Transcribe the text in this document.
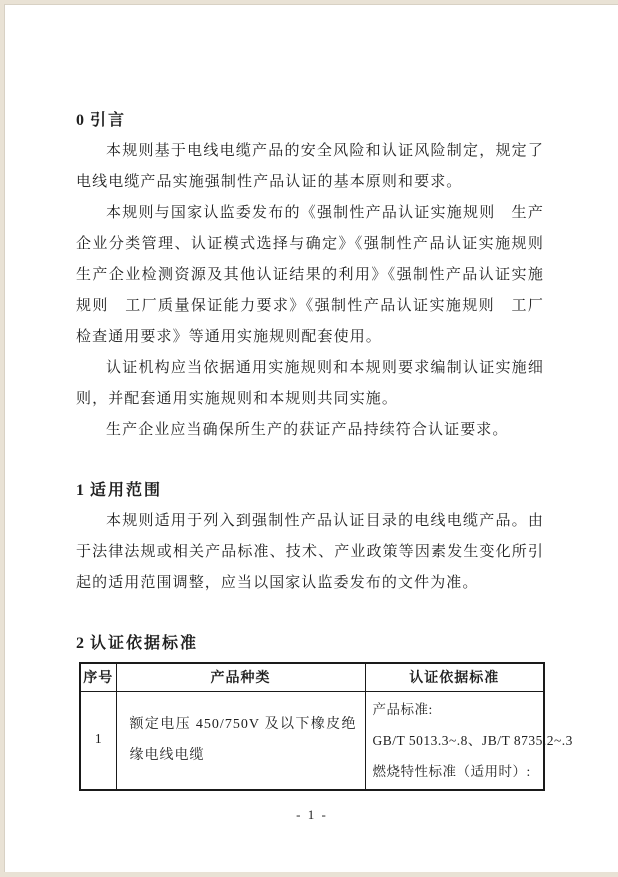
0引言

本规则基于电线电缆产品的安全风险和认证风险制定，规定了电线电缆产品实施强制性产品认证的基本原则和要求。

本规则与国家认监委发布的《强制性产品认证实施规则　生产企业分类管理、认证模式选择与确定》《强制性产品认证实施规则　生产企业检测资源及其他认证结果的利用》《强制性产品认证实施规则　工厂质量保证能力要求》《强制性产品认证实施规则　工厂检查通用要求》等通用实施规则配套使用。

认证机构应当依据通用实施规则和本规则要求编制认证实施细则，并配套通用实施规则和本规则共同实施。

生产企业应当确保所生产的获证产品持续符合认证要求。

1适用范围

本规则适用于列入到强制性产品认证目录的电线电缆产品。由于法律法规或相关产品标准、技术、产业政策等因素发生变化所引起的适用范围调整，应当以国家认监委发布的文件为准。

2认证依据标准
序号	产品种类	认证依据标准
1	额定电压 450/750V 及以下橡皮绝缘电线电缆	产品标准:
GB/T 5013.3~.8、JB/T 8735.2~.3
燃烧特性标准（适用时）:
- 1 -
